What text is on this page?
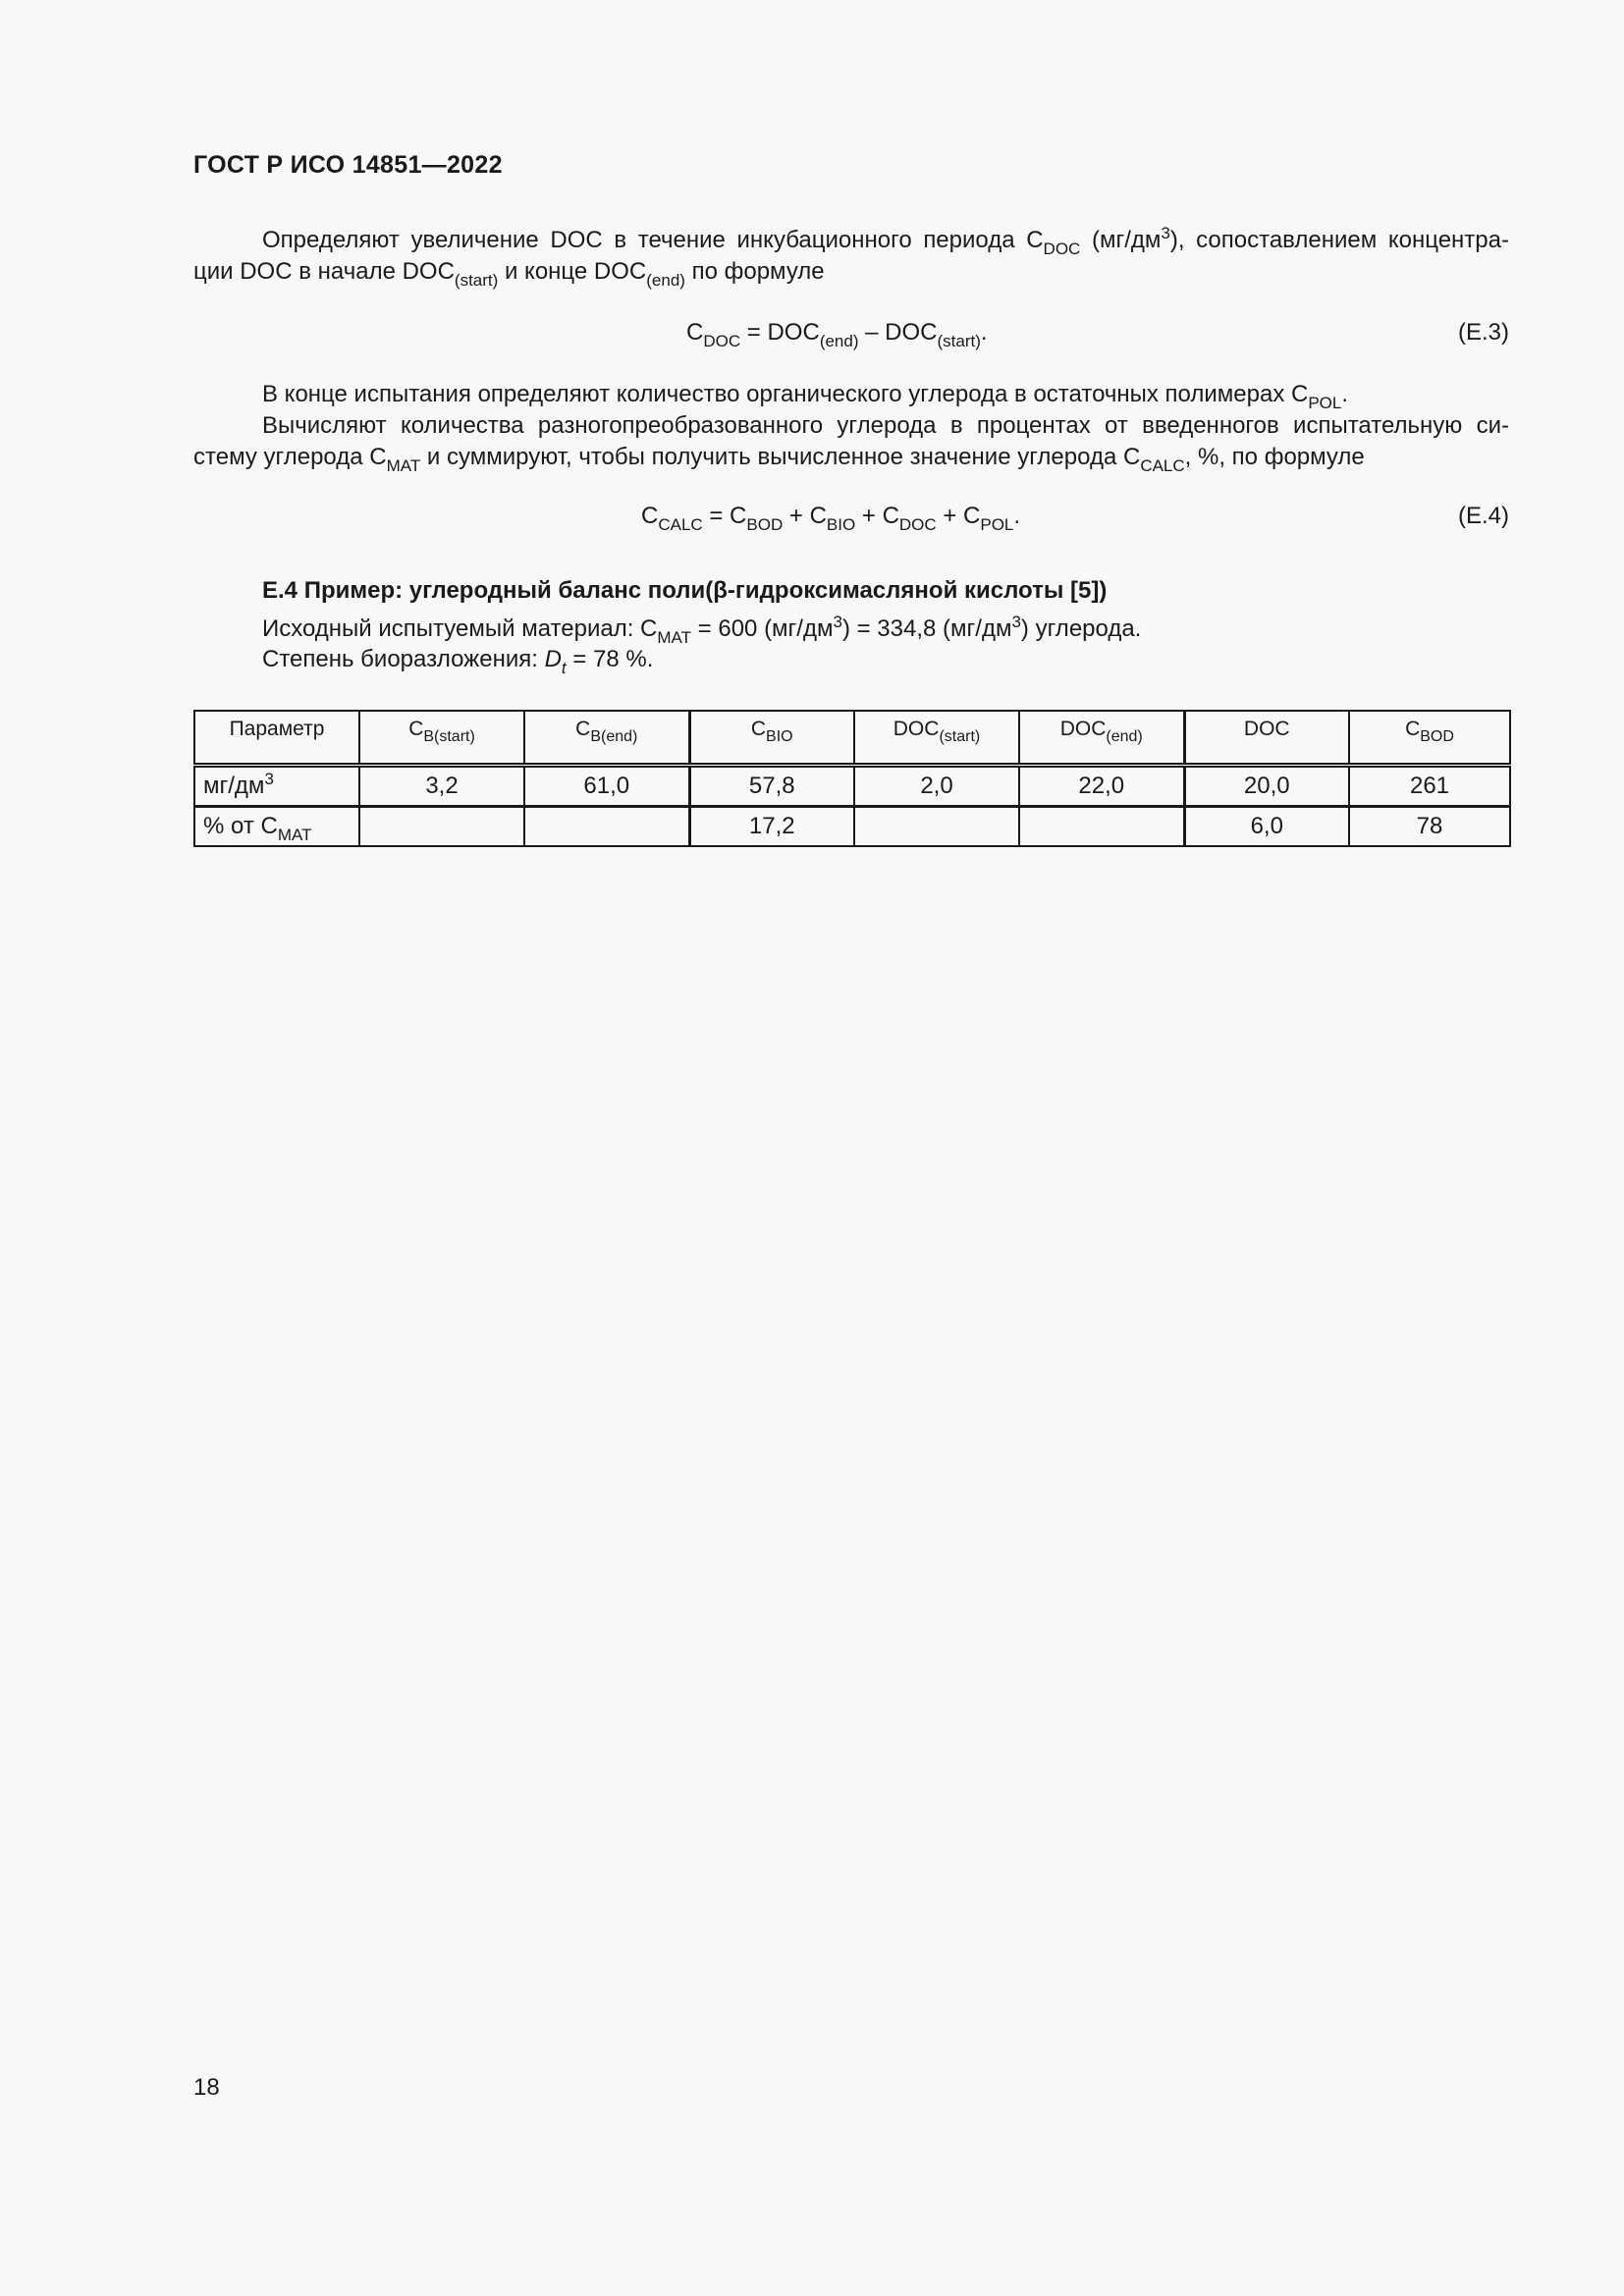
ГОСТ Р ИСО 14851—2022
Определяют увеличение DOC в течение инкубационного периода $C_{DOC}$ $(мг/дм^3)$, сопоставлением концентра-
ции DOC в начале $DOC_{(start)}$ и конце $DOC_{(end)}$ по формуле
$C_{DOC} = DOC_{(end)} - DOC_{(start)}$.	(E.3)
В конце испытания определяют количество органического углерода в остаточных полимерах $C_{POL}$.
Вычисляют количества разногопреобразованного углерода в процентах от введенногов испытательную си-
стему углерода $C_{MAT}$ и суммируют, чтобы получить вычисленное значение углерода $C_{CALC}$, %, по формуле
$C_{CALC} = C_{BOD} + C_{BIO} + C_{DOC} + C_{POL}$.	(E.4)
E.4 Пример: углеродный баланс поли(β-гидроксимасляной кислоты [5])
Исходный испытуемый материал: $C_{MAT} = 600$ $(мг/дм^3) = 334,8$ $(мг/дм^3)$ углерода.
Степень биоразложения: $D_t = 78$ %.
Параметр	$C_{B(start)}$	$C_{B(end)}$	$C_{BIO}$	$DOC_{(start)}$	$DOC_{(end)}$	DOC	$C_{BOD}$
$мг/дм^3$	3,2	61,0	57,8	2,0	22,0	20,0	261
% от $C_{MAT}$			17,2			6,0	78
18
